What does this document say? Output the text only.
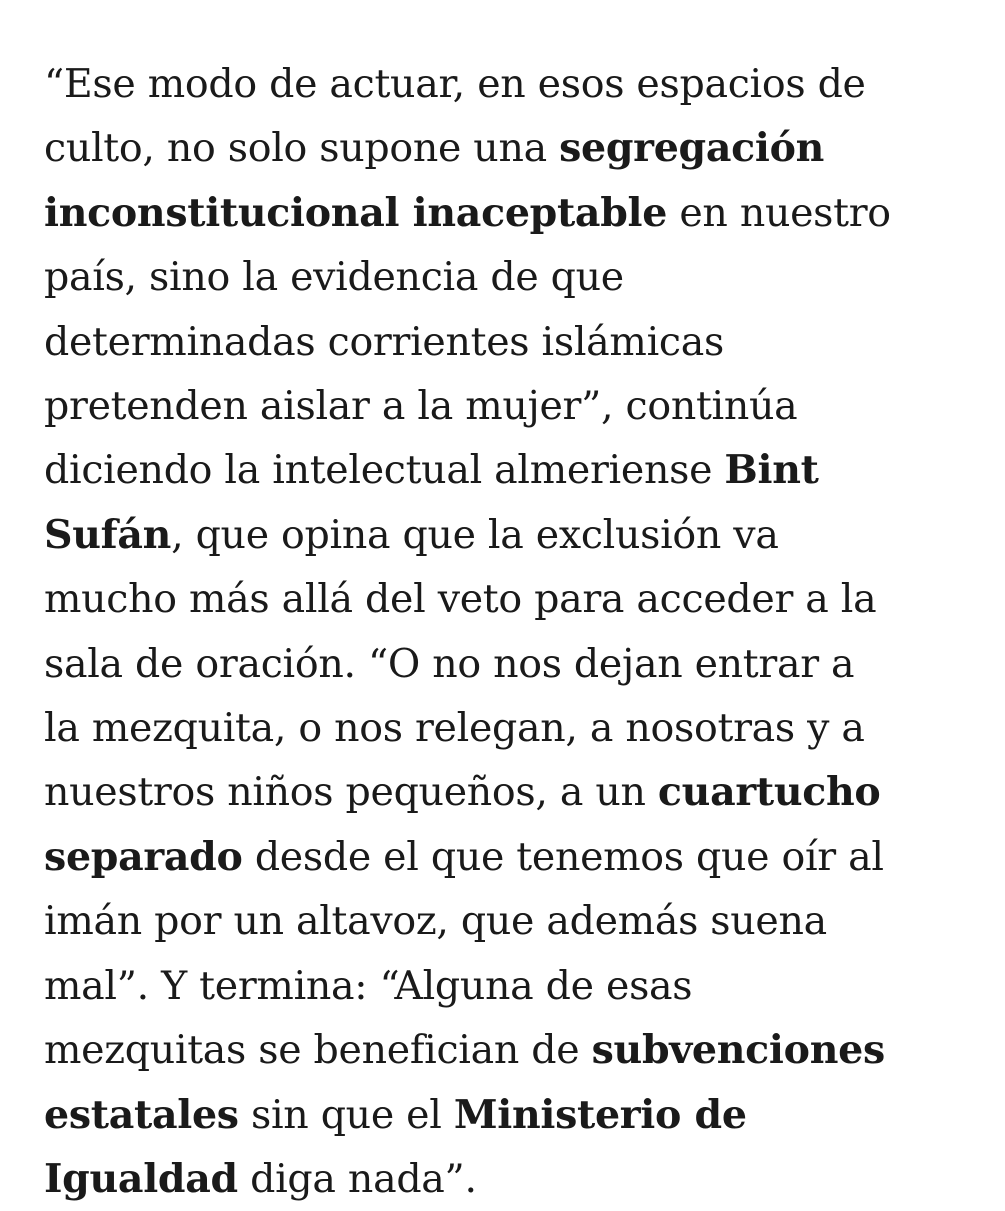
“Ese modo de actuar, en esos espacios de
culto, no solo supone una segregación
inconstitucional inaceptable en nuestro
país, sino la evidencia de que
determinadas corrientes islámicas
pretenden aislar a la mujer”, continúa
diciendo la intelectual almeriense Bint
Sufán, que opina que la exclusión va
mucho más allá del veto para acceder a la
sala de oración. “O no nos dejan entrar a
la mezquita, o nos relegan, a nosotras y a
nuestros niños pequeños, a un cuartucho
separado desde el que tenemos que oír al
imán por un altavoz, que además suena
mal”. Y termina: “Alguna de esas
mezquitas se benefician de subvenciones
estatales sin que el Ministerio de
Igualdad diga nada”.
